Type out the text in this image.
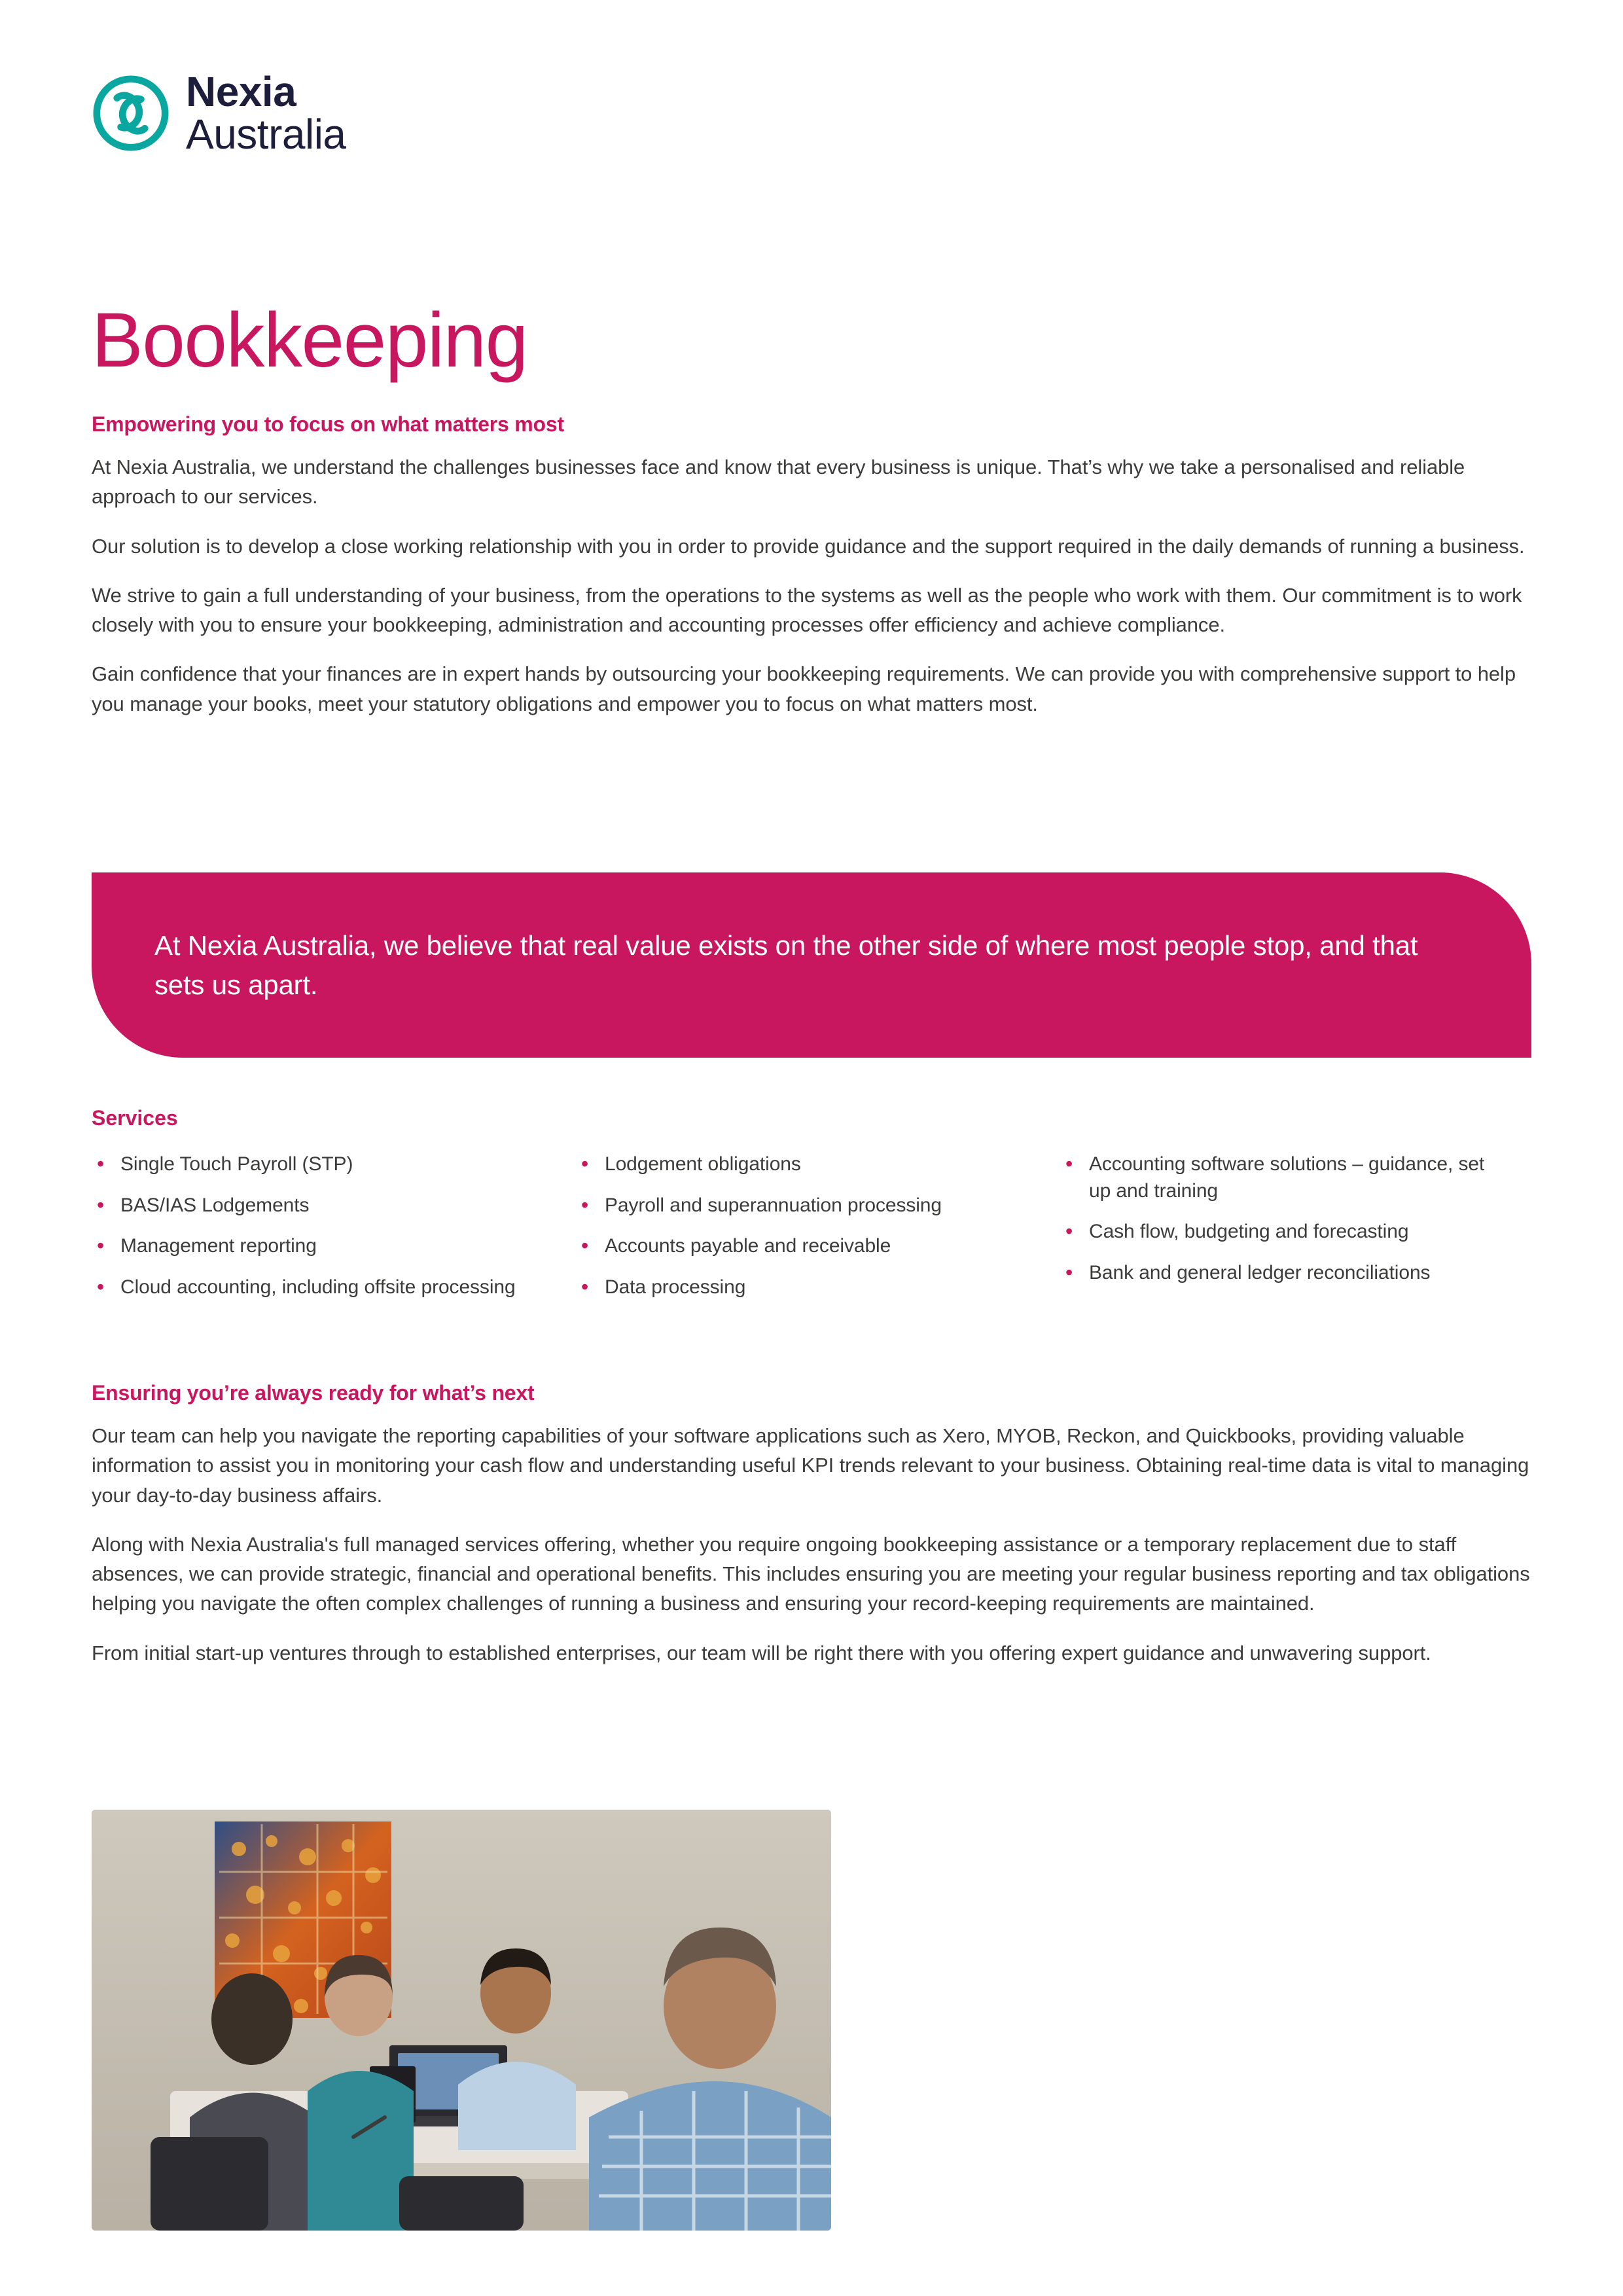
Nexia
Australia
Bookkeeping
Empowering you to focus on what matters most

At Nexia Australia, we understand the challenges businesses face and know that every business is unique. That’s why we take a personalised and reliable approach to our services.

Our solution is to develop a close working relationship with you in order to provide guidance and the support required in the daily demands of running a business.

We strive to gain a full understanding of your business, from the operations to the systems as well as the people who work with them. Our commitment is to work closely with you to ensure your bookkeeping, administration and accounting processes offer efficiency and achieve compliance.

Gain confidence that your finances are in expert hands by outsourcing your bookkeeping requirements. We can provide you with comprehensive support to help you manage your books, meet your statutory obligations and empower you to focus on what matters most.

At Nexia Australia, we believe that real value exists on the other side of where most people stop, and that sets us apart.
Services
• Single Touch Payroll (STP)
• BAS/IAS Lodgements
• Management reporting
• Cloud accounting, including offsite processing
• Lodgement obligations
• Payroll and superannuation processing
• Accounts payable and receivable
• Data processing
• Accounting software solutions – guidance, set up and training
• Cash flow, budgeting and forecasting
• Bank and general ledger reconciliations
Ensuring you’re always ready for what’s next

Our team can help you navigate the reporting capabilities of your software applications such as Xero, MYOB, Reckon, and Quickbooks, providing valuable information to assist you in monitoring your cash flow and understanding useful KPI trends relevant to your business. Obtaining real-time data is vital to managing your day-to-day business affairs.

Along with Nexia Australia's full managed services offering, whether you require ongoing bookkeeping assistance or a temporary replacement due to staff absences, we can provide strategic, financial and operational benefits. This includes ensuring you are meeting your regular business reporting and tax obligations helping you navigate the often complex challenges of running a business and ensuring your record-keeping requirements are maintained.

From initial start-up ventures through to established enterprises, our team will be right there with you offering expert guidance and unwavering support.
